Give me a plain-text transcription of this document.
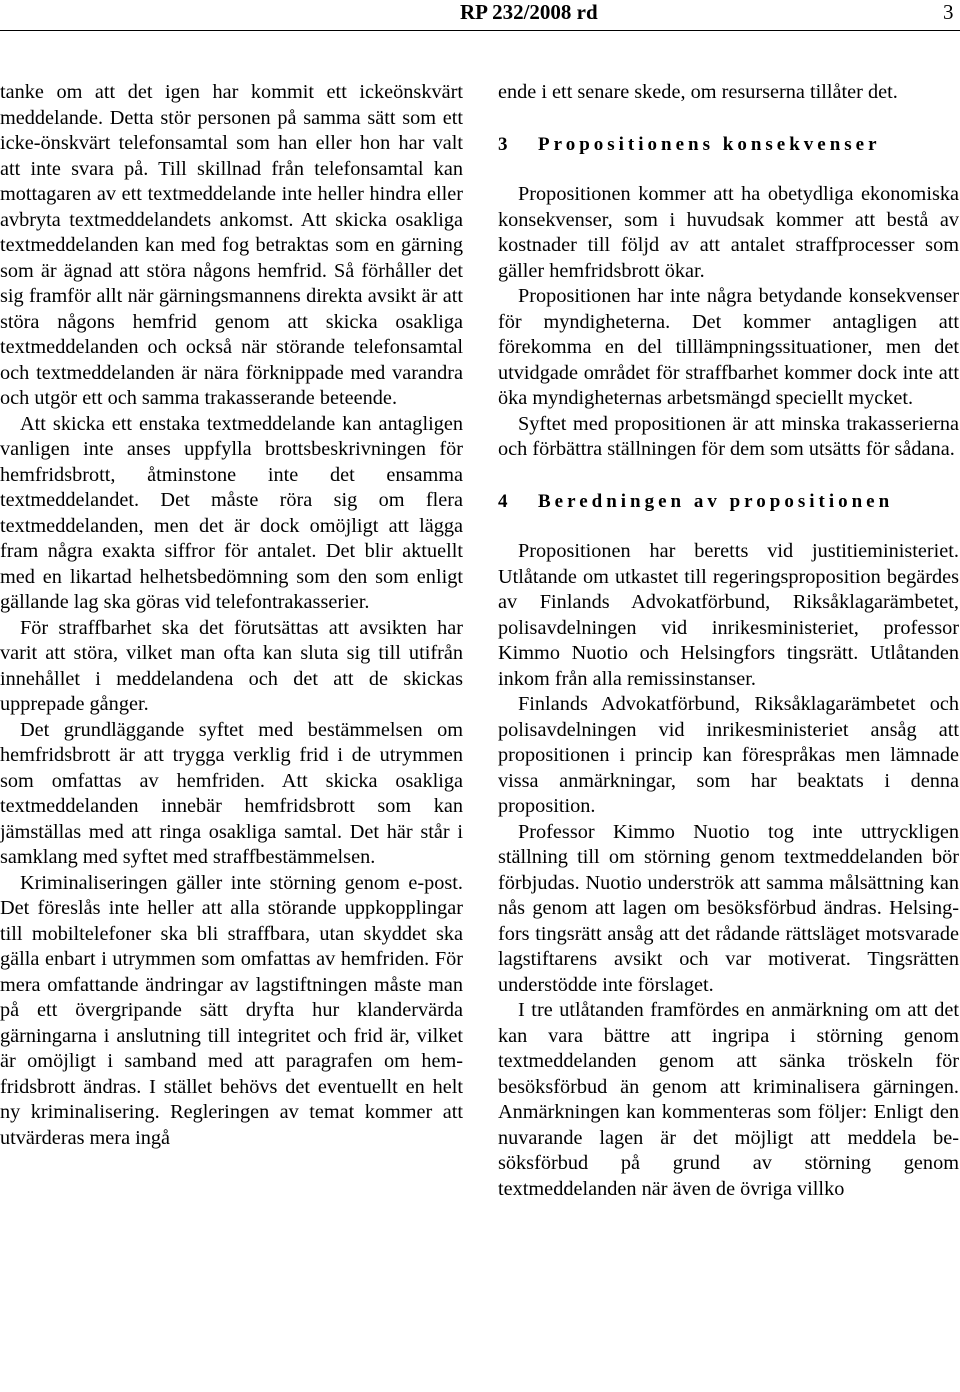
RP 232/2008 rd	3

tanke om att det igen har kommit ett ickeönskvärt meddelande. Detta stör personen på samma sätt som ett icke-önskvärt telefonsamtal som han eller hon har valt att inte svara på. Till skillnad från telefonsamtal kan mottagaren av ett textmeddelande inte heller hindra eller avbryta textmeddelandets ankomst. Att skicka osakliga textmeddelanden kan med fog betraktas som en gärning som är ägnad att störa någons hemfrid. Så förhåller det sig framför allt när gärningsmannens direkta avsikt är att störa någons hemfrid genom att skicka osakliga textmeddelanden och också när störande telefonsamtal och textmeddelanden är nära förknippade med varandra och utgör ett och samma trakasserande beteende.

Att skicka ett enstaka textmeddelande kan antagligen vanligen inte anses uppfylla brottsbeskrivningen för hemfridsbrott, åtminstone inte det ensamma textmeddelandet. Det måste röra sig om flera textmeddelanden, men det är dock omöjligt att lägga fram några exakta siffror för antalet. Det blir aktuellt med en likartad helhetsbedömning som den som enligt gällande lag ska göras vid telefontrakasserier.

För straffbarhet ska det förutsättas att avsikten har varit att störa, vilket man ofta kan sluta sig till utifrån innehållet i meddelandena och det att de skickas upprepade gånger.

Det grundläggande syftet med bestämmelsen om hemfridsbrott är att trygga verklig frid i de utrymmen som omfattas av hemfriden. Att skicka osakliga textmeddelanden innebär hemfridsbrott som kan jämställas med att ringa osakliga samtal. Det här står i samklang med syftet med straffbestämmelsen.

Kriminaliseringen gäller inte störning genom e-post. Det föreslås inte heller att alla störande uppkopplingar till mobiltelefoner ska bli straffbara, utan skyddet ska gälla enbart i utrymmen som omfattas av hemfriden. För mera omfattande ändringar av lagstiftningen måste man på ett övergripande sätt dryfta hur klandervärda gärningarna i anslutning till integritet och frid är, vilket är omöjligt i samband med att paragrafen om hemfridsbrott ändras. I stället behövs det eventuellt en helt ny kriminalisering. Regleringen av temat kommer att utvärderas mera ingå

ende i ett senare skede, om resurserna tillåter det.

3 Propositionens konsekvenser

Propositionen kommer att ha obetydliga ekonomiska konsekvenser, som i huvudsak kommer att bestå av kostnader till följd av att antalet straffprocesser som gäller hemfridsbrott ökar.

Propositionen har inte några betydande konsekvenser för myndigheterna. Det kommer antagligen att förekomma en del tilllämpningssituationer, men det utvidgade området för straffbarhet kommer dock inte att öka myndigheternas arbetsmängd speciellt mycket.

Syftet med propositionen är att minska trakasserierna och förbättra ställningen för dem som utsätts för sådana.

4 Beredningen av propositionen

Propositionen har beretts vid justitieministeriet. Utlåtande om utkastet till regeringsproposition begärdes av Finlands Advokatförbund, Riksåklagarämbetet, polisavdelningen vid inrikesministeriet, professor Kimmo Nuotio och Helsingfors tingsrätt. Utlåtanden inkom från alla remissinstanser.

Finlands Advokatförbund, Riksåklagarämbetet och polisavdelningen vid inrikesministeriet ansåg att propositionen i princip kan förespråkas men lämnade vissa anmärkningar, som har beaktats i denna proposition.

Professor Kimmo Nuotio tog inte uttryckligen ställning till om störning genom textmeddelanden bör förbjudas. Nuotio underströk att samma målsättning kan nås genom att lagen om besöksförbud ändras. Helsingfors tingsrätt ansåg att det rådande rättsläget motsvarade lagstiftarens avsikt och var motiverat. Tingsrätten understödde inte förslaget.

I tre utlåtanden framfördes en anmärkning om att det kan vara bättre att ingripa i störning genom textmeddelanden genom att sänka tröskeln för besöksförbud än genom att kriminalisera gärningen. Anmärkningen kan kommenteras som följer: Enligt den nuvarande lagen är det möjligt att meddela besöksförbud på grund av störning genom textmeddelanden när även de övriga villko
